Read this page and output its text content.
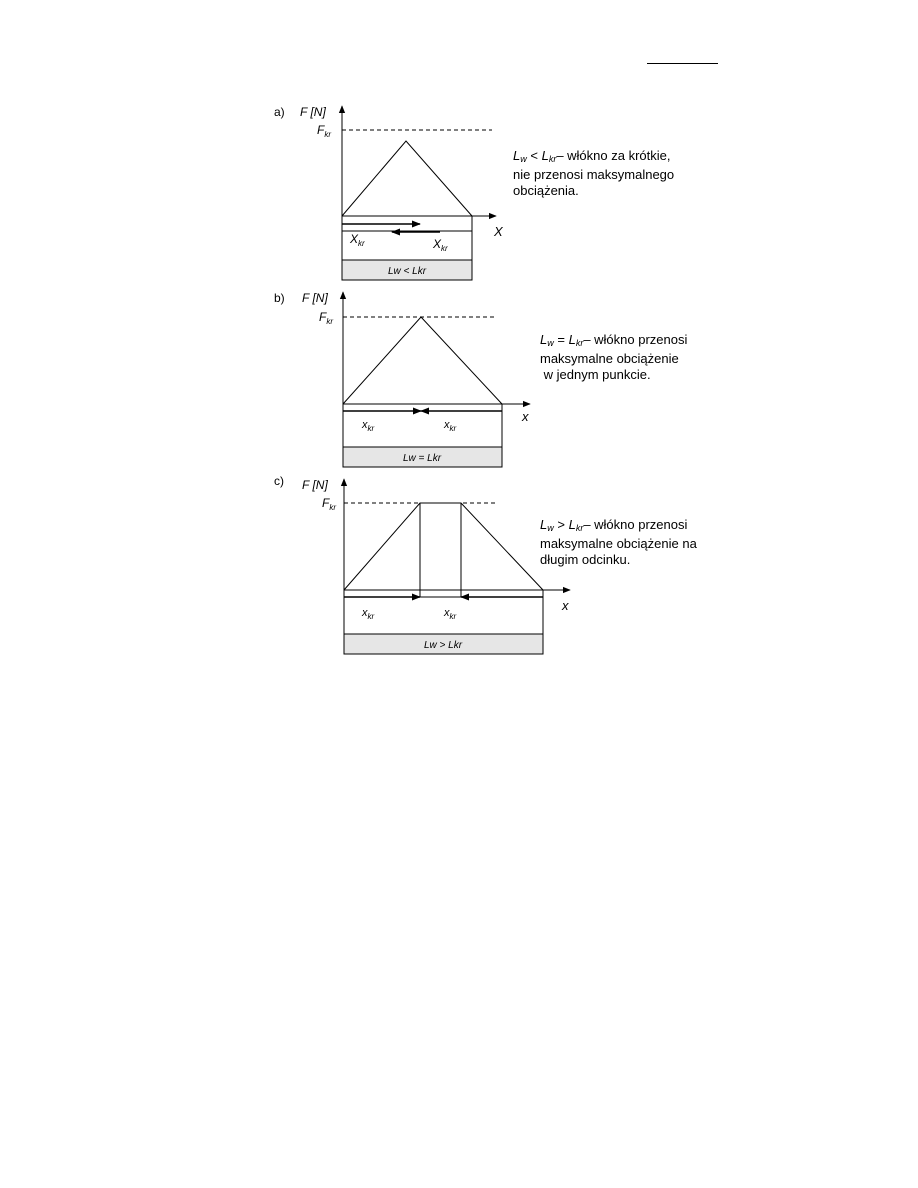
a) F [N]
X
$F_{kr}$
$X_{kr}$	$X_{kr}$
Lw < Lkr
b) F [N]
x
$F_{kr}$
$x_{kr}$	$x_{kr}$
Lw = Lkr
c) F [N]
x
$F_{kr}$
$x_{kr}$	$x_{kr}$
Lw > Lkr
$L_w < L_{kr}-$ włókno za krótkie,
nie przenosi maksymalnego
obciążenia.
$L_w = L_{kr}-$ włókno przenosi
maksymalne obciążenie
w jednym punkcie.
$L_w > L_{kr}-$ włókno przenosi
maksymalne obciążenie na
długim odcinku.
